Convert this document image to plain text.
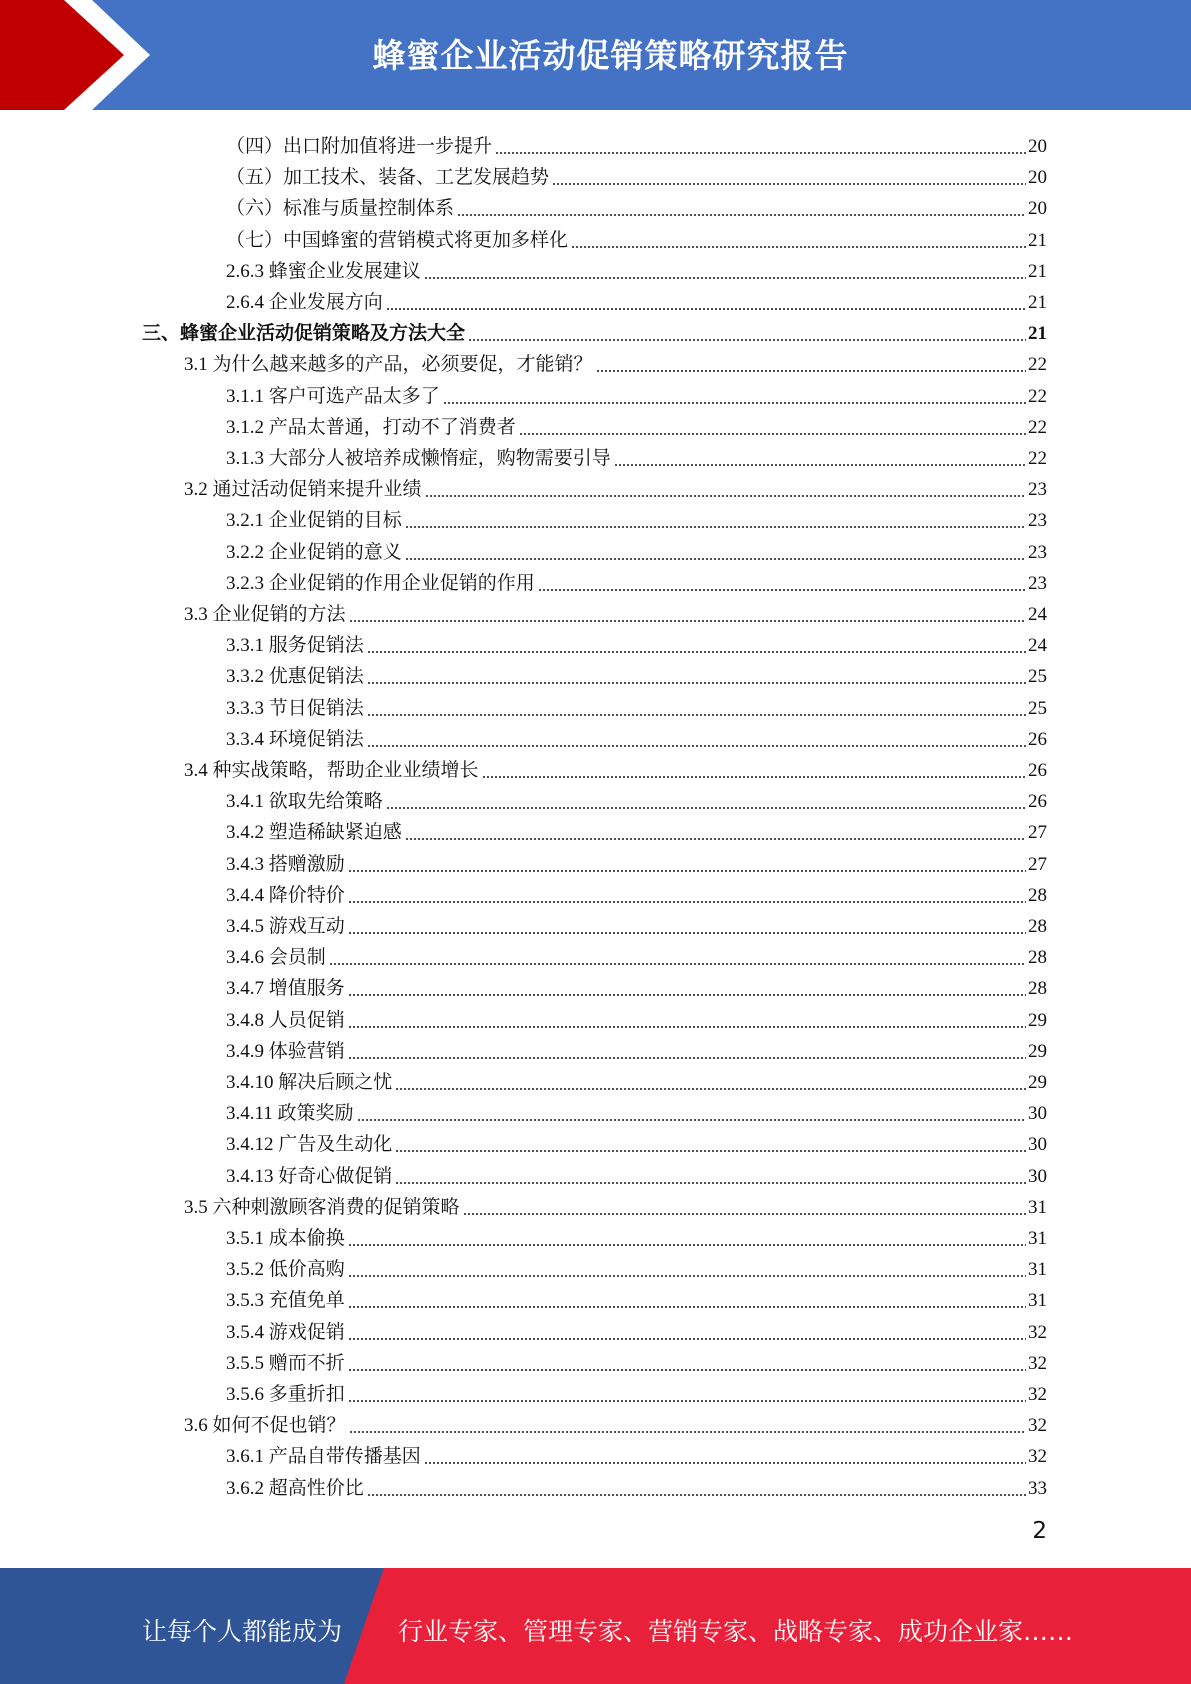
蜂蜜企业活动促销策略研究报告
（四）出口附加值将进一步提升	20
（五）加工技术、装备、工艺发展趋势	20
（六）标准与质量控制体系	20
（七）中国蜂蜜的营销模式将更加多样化	21
2.6.3 蜂蜜企业发展建议	21
2.6.4 企业发展方向	21
三、蜂蜜企业活动促销策略及方法大全	21
3.1 为什么越来越多的产品，必须要促，才能销？	22
3.1.1 客户可选产品太多了	22
3.1.2 产品太普通，打动不了消费者	22
3.1.3 大部分人被培养成懒惰症，购物需要引导	22
3.2 通过活动促销来提升业绩	23
3.2.1 企业促销的目标	23
3.2.2 企业促销的意义	23
3.2.3 企业促销的作用企业促销的作用	23
3.3 企业促销的方法	24
3.3.1 服务促销法	24
3.3.2 优惠促销法	25
3.3.3 节日促销法	25
3.3.4 环境促销法	26
3.4 种实战策略，帮助企业业绩增长	26
3.4.1 欲取先给策略	26
3.4.2 塑造稀缺紧迫感	27
3.4.3 搭赠激励	27
3.4.4 降价特价	28
3.4.5 游戏互动	28
3.4.6 会员制	28
3.4.7 增值服务	28
3.4.8 人员促销	29
3.4.9 体验营销	29
3.4.10 解决后顾之忧	29
3.4.11 政策奖励	30
3.4.12 广告及生动化	30
3.4.13 好奇心做促销	30
3.5 六种刺激顾客消费的促销策略	31
3.5.1 成本偷换	31
3.5.2 低价高购	31
3.5.3 充值免单	31
3.5.4 游戏促销	32
3.5.5 赠而不折	32
3.5.6 多重折扣	32
3.6 如何不促也销？	32
3.6.1 产品自带传播基因	32
3.6.2 超高性价比	33
2
让每个人都能成为 行业专家、管理专家、营销专家、战略专家、成功企业家……
